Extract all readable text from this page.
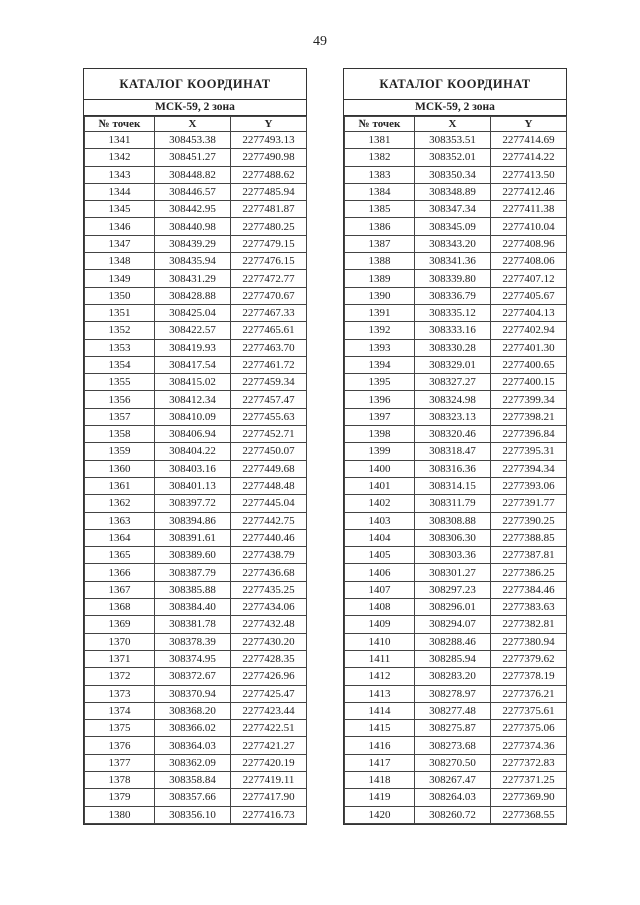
49
КАТАЛОГ КООРДИНАТ
МСК-59, 2 зона
№ точек	X	Y
1341	308453.38	2277493.13
1342	308451.27	2277490.98
1343	308448.82	2277488.62
1344	308446.57	2277485.94
1345	308442.95	2277481.87
1346	308440.98	2277480.25
1347	308439.29	2277479.15
1348	308435.94	2277476.15
1349	308431.29	2277472.77
1350	308428.88	2277470.67
1351	308425.04	2277467.33
1352	308422.57	2277465.61
1353	308419.93	2277463.70
1354	308417.54	2277461.72
1355	308415.02	2277459.34
1356	308412.34	2277457.47
1357	308410.09	2277455.63
1358	308406.94	2277452.71
1359	308404.22	2277450.07
1360	308403.16	2277449.68
1361	308401.13	2277448.48
1362	308397.72	2277445.04
1363	308394.86	2277442.75
1364	308391.61	2277440.46
1365	308389.60	2277438.79
1366	308387.79	2277436.68
1367	308385.88	2277435.25
1368	308384.40	2277434.06
1369	308381.78	2277432.48
1370	308378.39	2277430.20
1371	308374.95	2277428.35
1372	308372.67	2277426.96
1373	308370.94	2277425.47
1374	308368.20	2277423.44
1375	308366.02	2277422.51
1376	308364.03	2277421.27
1377	308362.09	2277420.19
1378	308358.84	2277419.11
1379	308357.66	2277417.90
1380	308356.10	2277416.73
КАТАЛОГ КООРДИНАТ
МСК-59, 2 зона
№ точек	X	Y
1381	308353.51	2277414.69
1382	308352.01	2277414.22
1383	308350.34	2277413.50
1384	308348.89	2277412.46
1385	308347.34	2277411.38
1386	308345.09	2277410.04
1387	308343.20	2277408.96
1388	308341.36	2277408.06
1389	308339.80	2277407.12
1390	308336.79	2277405.67
1391	308335.12	2277404.13
1392	308333.16	2277402.94
1393	308330.28	2277401.30
1394	308329.01	2277400.65
1395	308327.27	2277400.15
1396	308324.98	2277399.34
1397	308323.13	2277398.21
1398	308320.46	2277396.84
1399	308318.47	2277395.31
1400	308316.36	2277394.34
1401	308314.15	2277393.06
1402	308311.79	2277391.77
1403	308308.88	2277390.25
1404	308306.30	2277388.85
1405	308303.36	2277387.81
1406	308301.27	2277386.25
1407	308297.23	2277384.46
1408	308296.01	2277383.63
1409	308294.07	2277382.81
1410	308288.46	2277380.94
1411	308285.94	2277379.62
1412	308283.20	2277378.19
1413	308278.97	2277376.21
1414	308277.48	2277375.61
1415	308275.87	2277375.06
1416	308273.68	2277374.36
1417	308270.50	2277372.83
1418	308267.47	2277371.25
1419	308264.03	2277369.90
1420	308260.72	2277368.55
